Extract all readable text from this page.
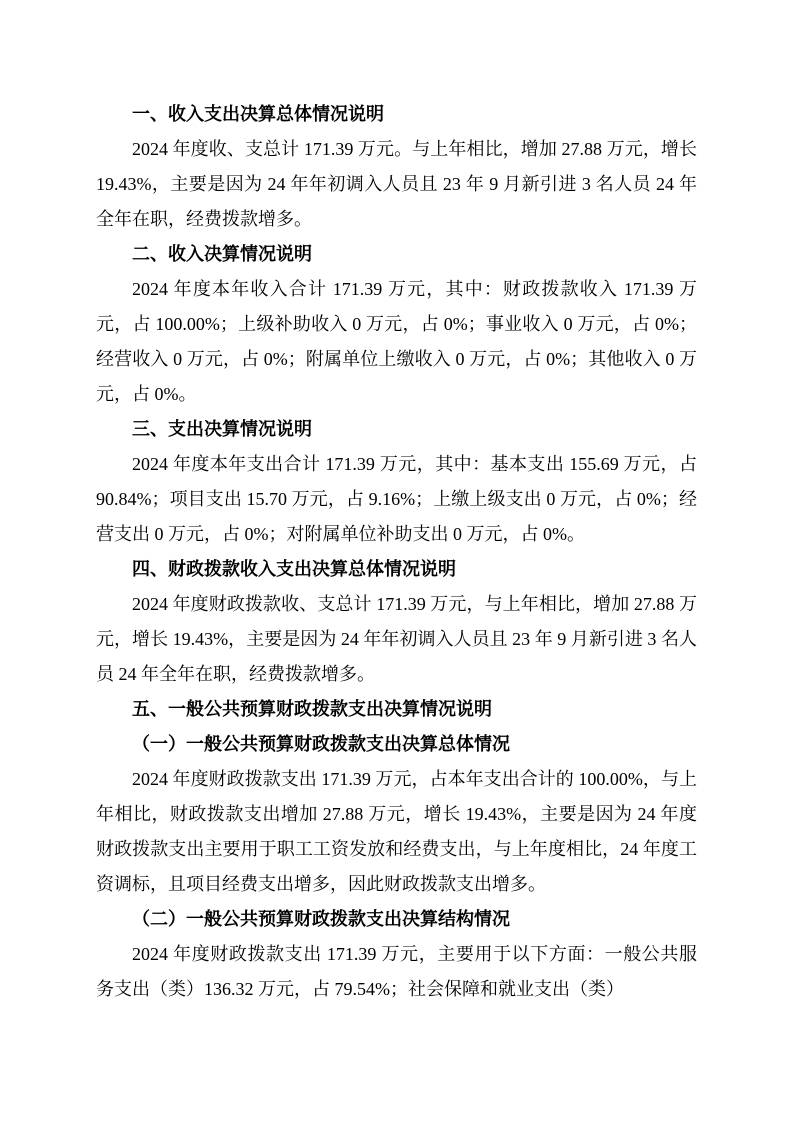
一、收入支出决算总体情况说明

2024 年度收、支总计 171.39 万元。与上年相比，增加 27.88 万元，增长 19.43%，主要是因为 24 年年初调入人员且 23 年 9 月新引进 3 名人员 24 年全年在职，经费拨款增多。

二、收入决算情况说明

2024 年度本年收入合计 171.39 万元，其中：财政拨款收入 171.39 万元，占 100.00%；上级补助收入 0 万元，占 0%；事业收入 0 万元，占 0%；经营收入 0 万元，占 0%；附属单位上缴收入 0 万元，占 0%；其他收入 0 万元，占 0%。

三、支出决算情况说明

2024 年度本年支出合计 171.39 万元，其中：基本支出 155.69 万元，占 90.84%；项目支出 15.70 万元，占 9.16%；上缴上级支出 0 万元，占 0%；经营支出 0 万元，占 0%；对附属单位补助支出 0 万元，占 0%。

四、财政拨款收入支出决算总体情况说明

2024 年度财政拨款收、支总计 171.39 万元，与上年相比，增加 27.88 万元，增长 19.43%，主要是因为 24 年年初调入人员且 23 年 9 月新引进 3 名人员 24 年全年在职，经费拨款增多。

五、一般公共预算财政拨款支出决算情况说明
（一）一般公共预算财政拨款支出决算总体情况

2024 年度财政拨款支出 171.39 万元，占本年支出合计的 100.00%，与上年相比，财政拨款支出增加 27.88 万元，增长 19.43%，主要是因为 24 年度财政拨款支出主要用于职工工资发放和经费支出，与上年度相比，24 年度工资调标，且项目经费支出增多，因此财政拨款支出增多。

（二）一般公共预算财政拨款支出决算结构情况

2024 年度财政拨款支出 171.39 万元，主要用于以下方面：一般公共服务支出（类）136.32 万元，占 79.54%；社会保障和就业支出（类）
